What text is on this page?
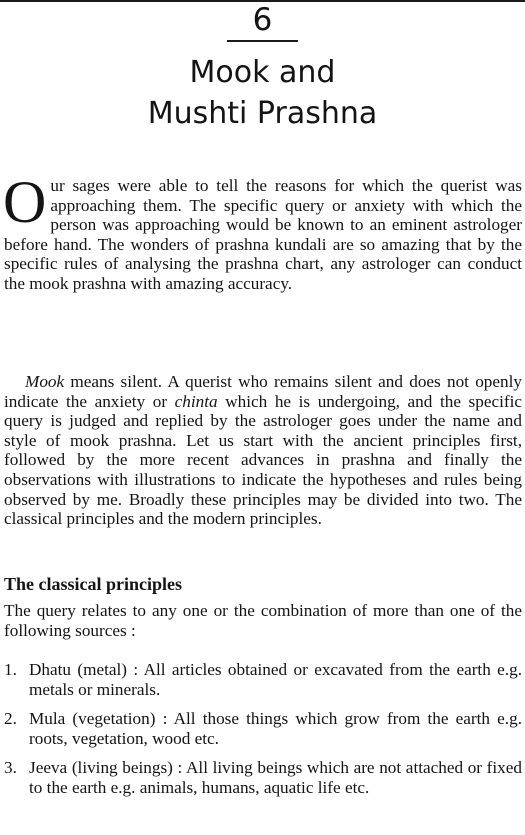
6
Mook and
Mushti Prashna
Our sages were able to tell the reasons for which the querist was approaching them. The specific query or anxiety with which the person was approaching would be known to an eminent astrologer before hand. The wonders of prashna kundali are so amazing that by the specific rules of analysing the prashna chart, any astrologer can conduct the mook prashna with amazing accuracy.
Mook means silent. A querist who remains silent and does not openly indicate the anxiety or chinta which he is undergoing, and the specific query is judged and replied by the astrologer goes under the name and style of mook prashna. Let us start with the ancient principles first, followed by the more recent advances in prashna and finally the observations with illustrations to indicate the hypotheses and rules being observed by me. Broadly these principles may be divided into two. The classical principles and the modern principles.
The classical principles
The query relates to any one or the combination of more than one of the following sources :
1. Dhatu (metal) : All articles obtained or excavated from the earth e.g. metals or minerals.
2. Mula (vegetation) : All those things which grow from the earth e.g. roots, vegetation, wood etc.
3. Jeeva (living beings) : All living beings which are not attached or fixed to the earth e.g. animals, humans, aquatic life etc.
